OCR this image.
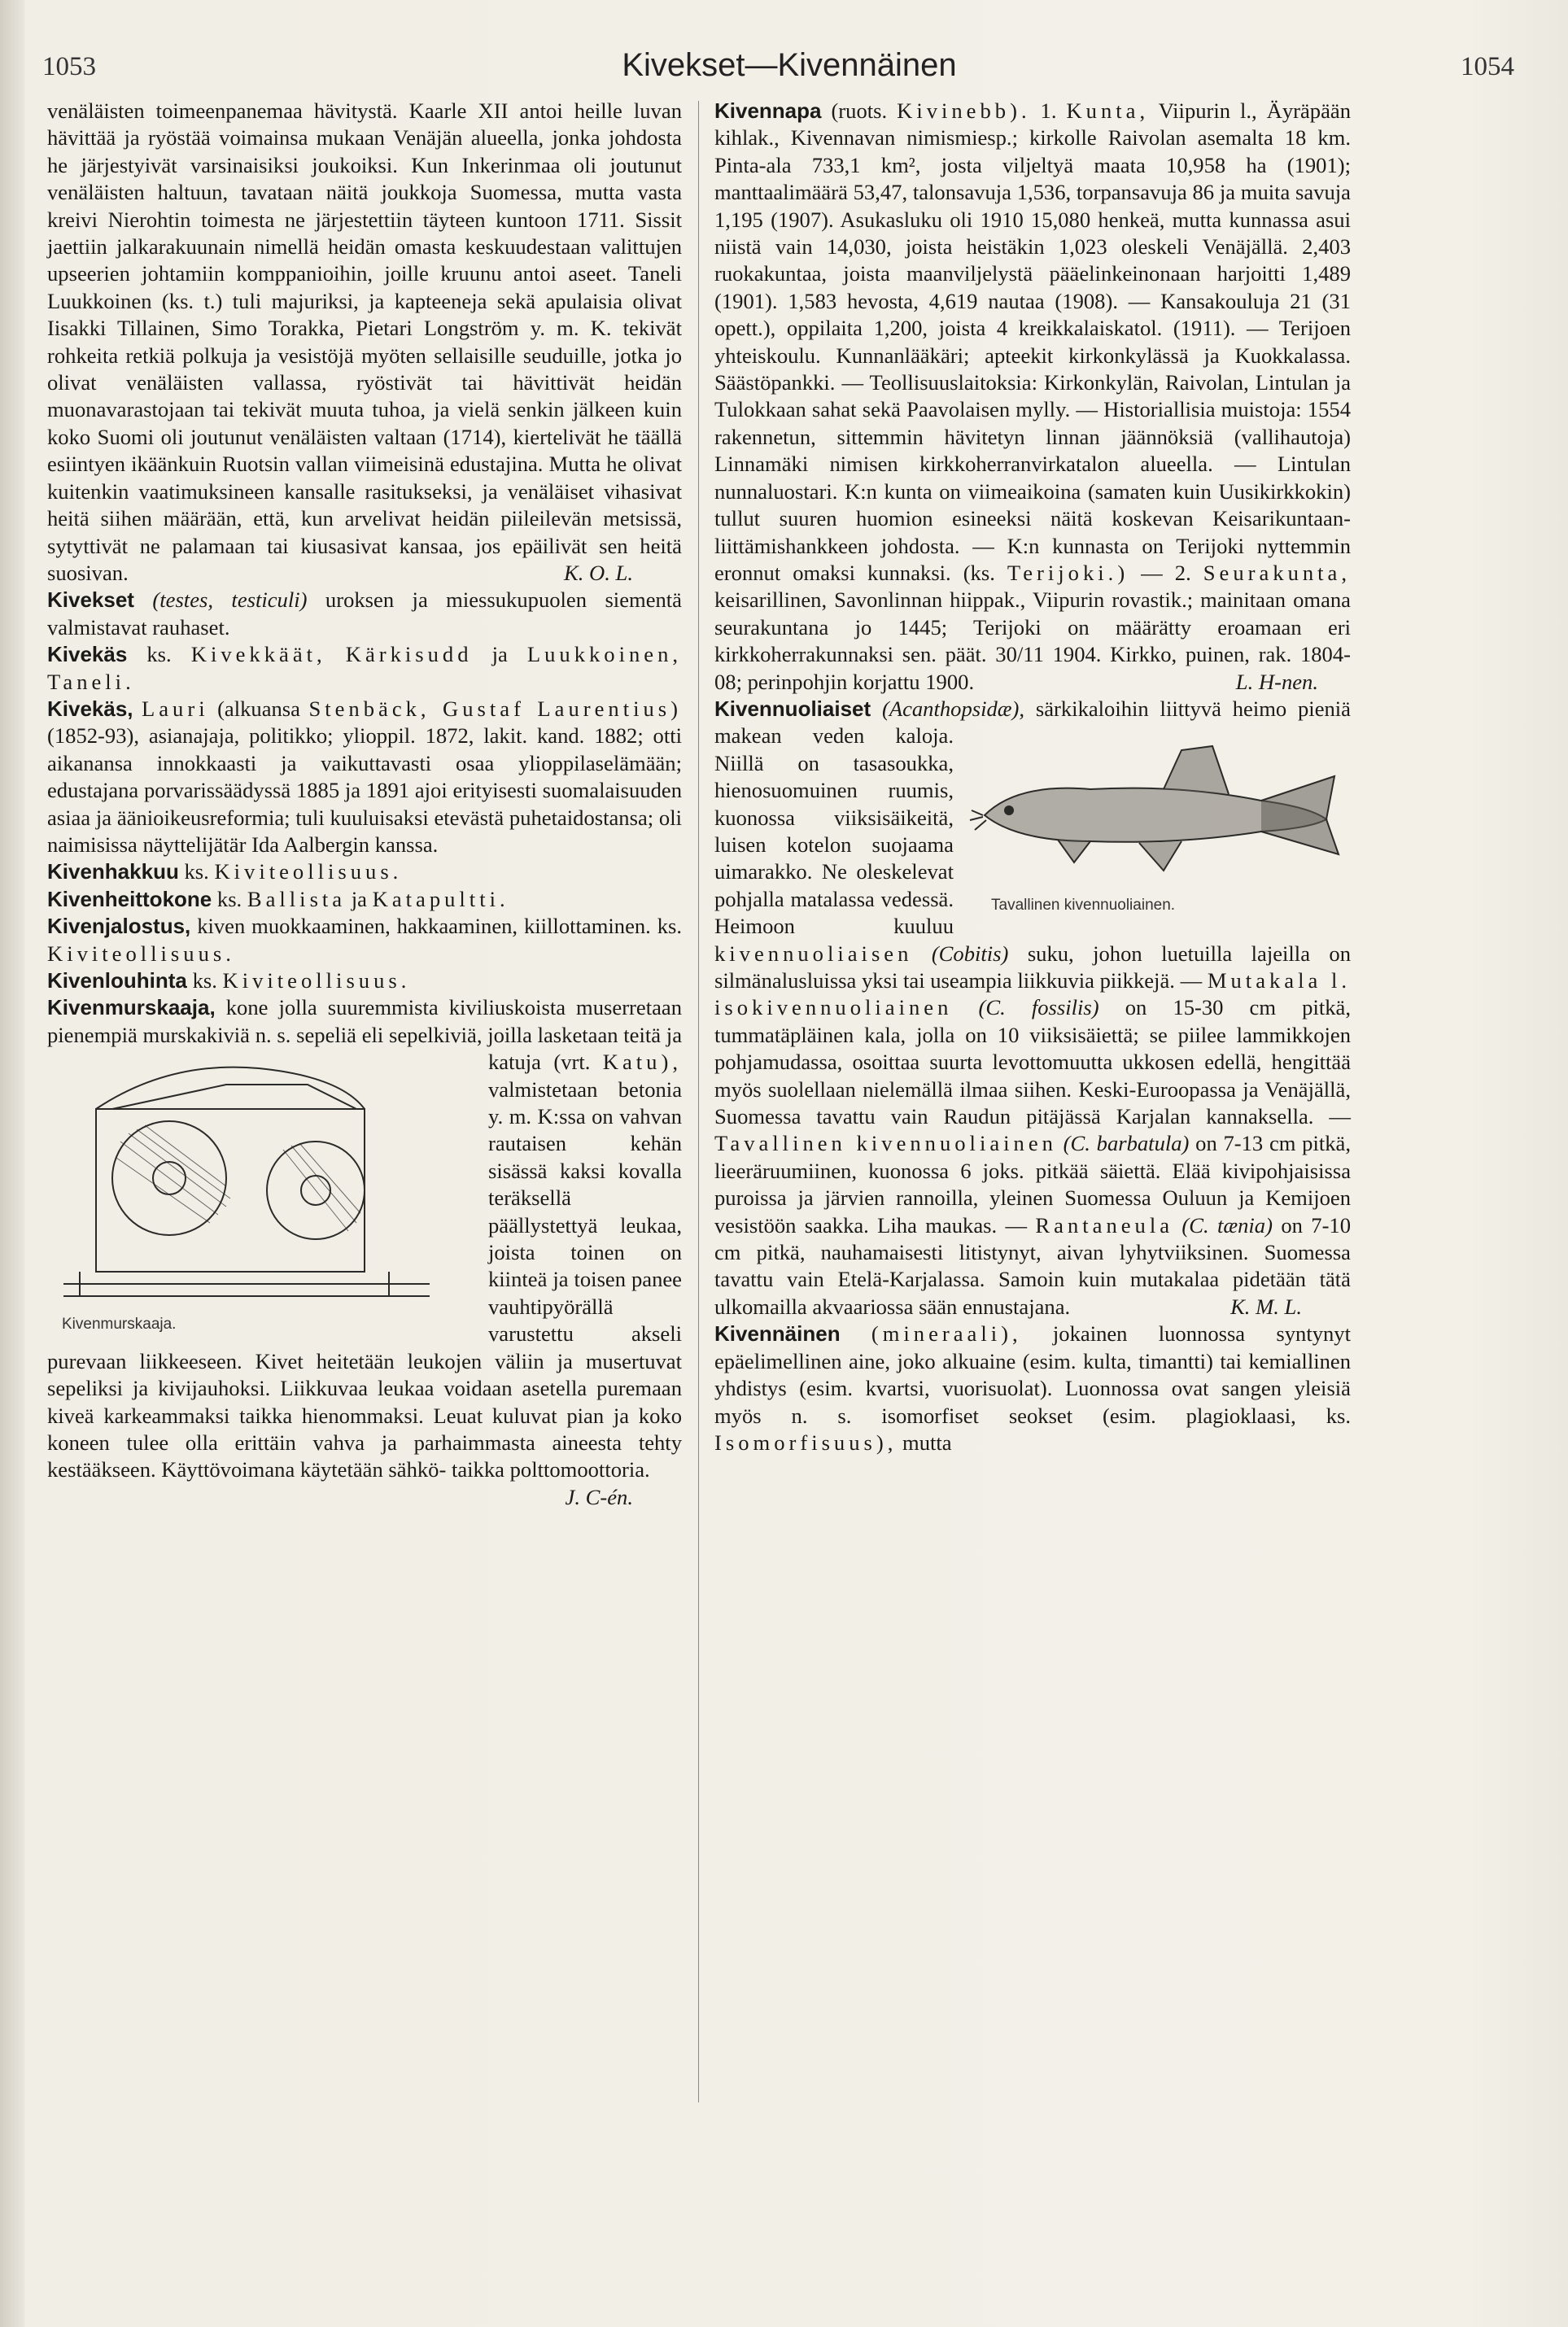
1053	Kivekset—Kivennäinen	1054

venäläisten toimeenpanemaa hävitystä. Kaarle XII antoi heille luvan hävittää ja ryöstää voimainsa mukaan Venäjän alueella, jonka johdosta he järjestyivät varsinaisiksi joukoiksi. Kun Inkerinmaa oli joutunut venäläisten haltuun, tavataan näitä joukkoja Suomessa, mutta vasta kreivi Nierohtin toimesta ne järjestettiin täyteen kuntoon 1711. Sissit jaettiin jalkarakuunain nimellä heidän omasta keskuudestaan valittujen upseerien johtamiin komppanioihin, joille kruunu antoi aseet. Taneli Luukkoinen (ks. t.) tuli majuriksi, ja kapteeneja sekä apulaisia olivat Iisakki Tillainen, Simo Torakka, Pietari Longström y. m. K. tekivät rohkeita retkiä polkuja ja vesistöjä myöten sellaisille seuduille, jotka jo olivat venäläisten vallassa, ryöstivät tai hävittivät heidän muonavarastojaan tai tekivät muuta tuhoa, ja vielä senkin jälkeen kuin koko Suomi oli joutunut venäläisten valtaan (1714), kiertelivät he täällä esiintyen ikäänkuin Ruotsin vallan viimeisinä edustajina. Mutta he olivat kuitenkin vaatimuksineen kansalle rasitukseksi, ja venäläiset vihasivat heitä siihen määrään, että, kun arvelivat heidän piileilevän metsissä, sytyttivät ne palamaan tai kiusasivat kansaa, jos epäilivät sen heitä suosivan.	K. O. L.

Kivekset (testes, testiculi) uroksen ja miessukupuolen siementä valmistavat rauhaset.

Kivekäs ks. Kivekkäät, Kärkisudd ja Luukkoinen, Taneli.

Kivekäs, Lauri (alkuansa Stenbäck, Gustaf Laurentius) (1852-93), asianajaja, politikko; ylioppil. 1872, lakit. kand. 1882; otti aikanansa innokkaasti ja vaikuttavasti osaa ylioppilaselämään; edustajana porvarissäädyssä 1885 ja 1891 ajoi erityisesti suomalaisuuden asiaa ja äänioikeusreformia; tuli kuuluisaksi etevästä puhetaidostansa; oli naimisissa näyttelijätär Ida Aalbergin kanssa.

Kivenhakkuu ks. Kiviteollisuus.

Kivenheittokone ks. Ballista ja Katapultti.

Kivenjalostus, kiven muokkaaminen, hakkaaminen, kiillottaminen. ks. Kiviteollisuus.

Kivenlouhinta ks. Kiviteollisuus.

Kivenmurskaaja, kone jolla suuremmista kiviliuskoista muserretaan pienempiä murskakiviä n. s. sepeliä eli sepelkiviä, joilla lasketaan teitä ja katuja (vrt.
Kivenmurskaaja.
Katu), valmistetaan betonia y. m. K:ssa on vahvan rautaisen kehän sisässä kaksi kovalla teräksellä päällystettyä leukaa, joista toinen on kiinteä ja toisen panee vauhtipyörällä varustettu akseli purevaan liikkeeseen. Kivet heitetään leukojen väliin ja musertuvat sepeliksi ja kivijauhoksi. Liikkuvaa leukaa voidaan asetella puremaan kiveä karkeammaksi taikka hienommaksi. Leuat kuluvat pian ja koko koneen tulee olla erittäin vahva ja parhaimmasta aineesta tehty kestääkseen. Käyttövoimana käytetään sähkö- taikka polttomoottoria.

J. C-én.

Kivennapa (ruots. Kivinebb). 1. Kunta, Viipurin l., Äyräpään kihlak., Kivennavan nimismiesp.; kirkolle Raivolan asemalta 18 km. Pinta-ala 733,1 km², josta viljeltyä maata 10,958 ha (1901); manttaalimäärä 53,47, talonsavuja 1,536, torpansavuja 86 ja muita savuja 1,195 (1907). Asukasluku oli 1910 15,080 henkeä, mutta kunnassa asui niistä vain 14,030, joista heistäkin 1,023 oleskeli Venäjällä. 2,403 ruokakuntaa, joista maanviljelystä pääelinkeinonaan harjoitti 1,489 (1901). 1,583 hevosta, 4,619 nautaa (1908). — Kansakouluja 21 (31 opett.), oppilaita 1,200, joista 4 kreikkalaiskatol. (1911). — Terijoen yhteiskoulu. Kunnanlääkäri; apteekit kirkonkylässä ja Kuokkalassa. Säästöpankki. — Teollisuuslaitoksia: Kirkonkylän, Raivolan, Lintulan ja Tulokkaan sahat sekä Paavolaisen mylly. — Historiallisia muistoja: 1554 rakennetun, sittemmin hävitetyn linnan jäännöksiä (vallihautoja) Linnamäki nimisen kirkkoherranvirkatalon alueella. — Lintulan nunnaluostari. K:n kunta on viimeaikoina (samaten kuin Uusikirkkokin) tullut suuren huomion esineeksi näitä koskevan Keisarikuntaan-liittämishankkeen johdosta. — K:n kunnasta on Terijoki nyttemmin eronnut omaksi kunnaksi. (ks. Terijoki.) — 2. Seurakunta, keisarillinen, Savonlinnan hiippak., Viipurin rovastik.; mainitaan omana seurakuntana jo 1445; Terijoki on määrätty eroamaan eri kirkkoherrakunnaksi sen. päät. 30/11 1904. Kirkko, puinen, rak. 1804-08; perinpohjin korjattu 1900.	L. H-nen.

Kivennuoliaiset (Acanthopsidæ),
Tavallinen kivennuoliainen.
särkikaloihin liittyvä heimo pieniä makean veden kaloja. Niillä on tasasoukka, hienosuomuinen ruumis, kuonossa viiksisäikeitä, luisen kotelon suojaama uimarakko. Ne oleskelevat pohjalla matalassa vedessä. Heimoon kuuluu kivennuoliaisen (Cobitis) suku, johon luetuilla lajeilla on silmänalusluissa yksi tai useampia liikkuvia piikkejä. — Mutakala l. isokivennuoliainen (C. fossilis) on 15-30 cm pitkä, tummatäpläinen kala, jolla on 10 viiksisäiettä; se piilee lammikkojen pohjamudassa, osoittaa suurta levottomuutta ukkosen edellä, hengittää myös suolellaan nielemällä ilmaa siihen. Keski-Euroopassa ja Venäjällä, Suomessa tavattu vain Raudun pitäjässä Karjalan kannaksella. — Tavallinen kivennuoliainen (C. barbatula) on 7-13 cm pitkä, lieeräruumiinen, kuonossa 6 joks. pitkää säiettä. Elää kivipohjaisissa puroissa ja järvien rannoilla, yleinen Suomessa Ouluun ja Kemijoen vesistöön saakka. Liha maukas. — Rantaneula (C. tænia) on 7-10 cm pitkä, nauhamaisesti litistynyt, aivan lyhytviiksinen. Suomessa tavattu vain Etelä-Karjalassa. Samoin kuin mutakalaa pidetään tätä ulkomailla akvaariossa sään ennustajana.	K. M. L.

Kivennäinen (mineraali), jokainen luonnossa syntynyt epäelimellinen aine, joko alkuaine (esim. kulta, timantti) tai kemiallinen yhdistys (esim. kvartsi, vuorisuolat). Luonnossa ovat sangen yleisiä myös n. s. isomorfiset seokset (esim. plagioklaasi, ks. Isomorfisuus), mutta
